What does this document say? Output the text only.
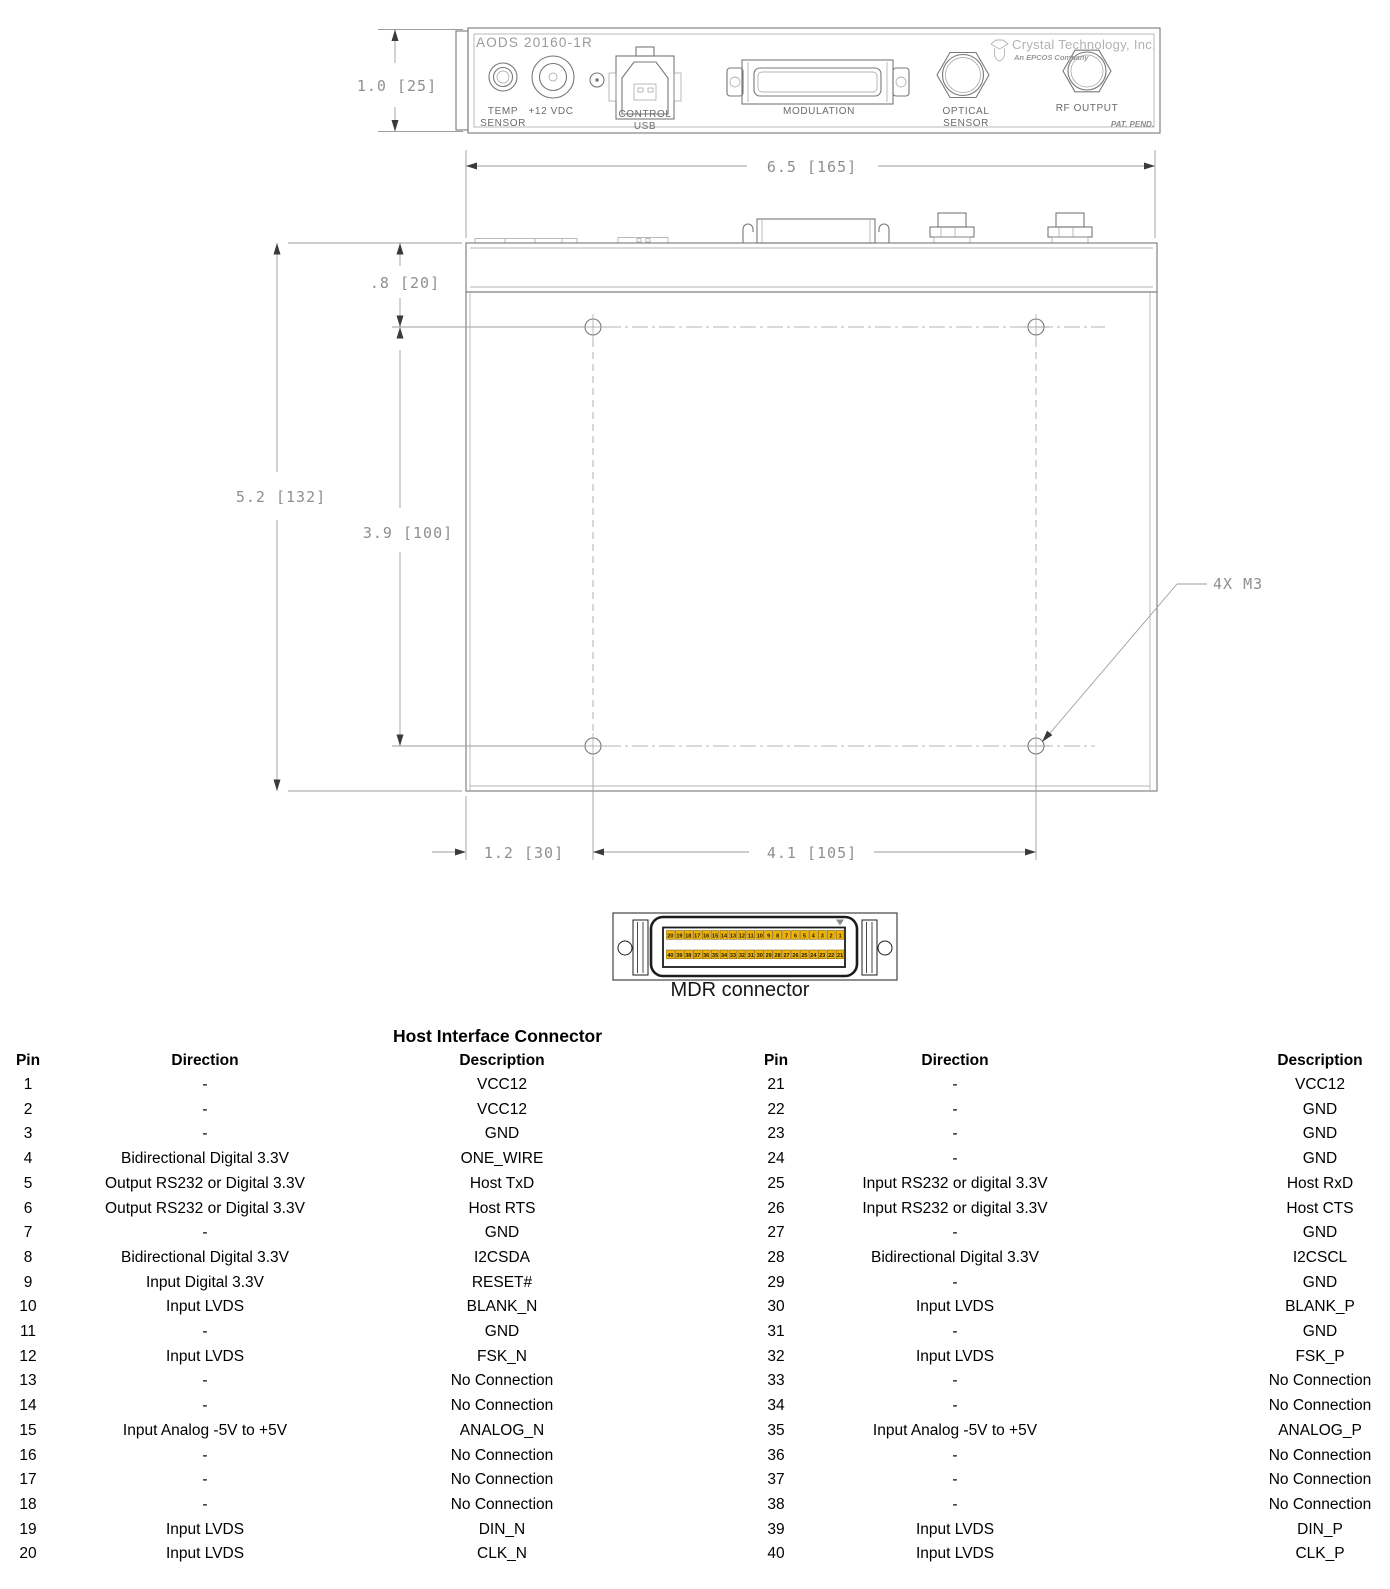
AODS 20160-1R
TEMP
SENSOR
+12 VDC	CONTROL
USB
MODULATION	OPTICAL
SENSOR
RF OUTPUT
Crystal Technology, Inc.
An EPCOS Company
PAT. PEND.
1.0 [25]
6.5 [165]
5.2 [132]
.8 [20]
3.9 [100]
4X M3
1.2 [30]	4.1 [105]
20 19 18 17 16 15 14 13 12 11 10 9 8 7 6 5 4 3 2 1
40 39 38 37 36 35 34 33 32 31 30 29 28 27 26 25 24 23 22 21
MDR connector
Host Interface Connector
Pin	Direction	Description
1	-	VCC12
2	-	VCC12
3	-	GND
4	Bidirectional Digital 3.3V	ONE_WIRE
5	Output RS232 or Digital 3.3V	Host TxD
6	Output RS232 or Digital 3.3V	Host RTS
7	-	GND
8	Bidirectional Digital 3.3V	I2CSDA
9	Input Digital 3.3V	RESET#
10	Input LVDS	BLANK_N
11	-	GND
12	Input LVDS	FSK_N
13	-	No Connection
14	-	No Connection
15	Input Analog -5V to +5V	ANALOG_N
16	-	No Connection
17	-	No Connection
18	-	No Connection
19	Input LVDS	DIN_N
20	Input LVDS	CLK_N
Pin	Direction	Description
21	-	VCC12
22	-	GND
23	-	GND
24	-	GND
25	Input RS232 or digital 3.3V	Host RxD
26	Input RS232 or digital 3.3V	Host CTS
27	-	GND
28	Bidirectional Digital 3.3V	I2CSCL
29	-	GND
30	Input LVDS	BLANK_P
31	-	GND
32	Input LVDS	FSK_P
33	-	No Connection
34	-	No Connection
35	Input Analog -5V to +5V	ANALOG_P
36	-	No Connection
37	-	No Connection
38	-	No Connection
39	Input LVDS	DIN_P
40	Input LVDS	CLK_P
